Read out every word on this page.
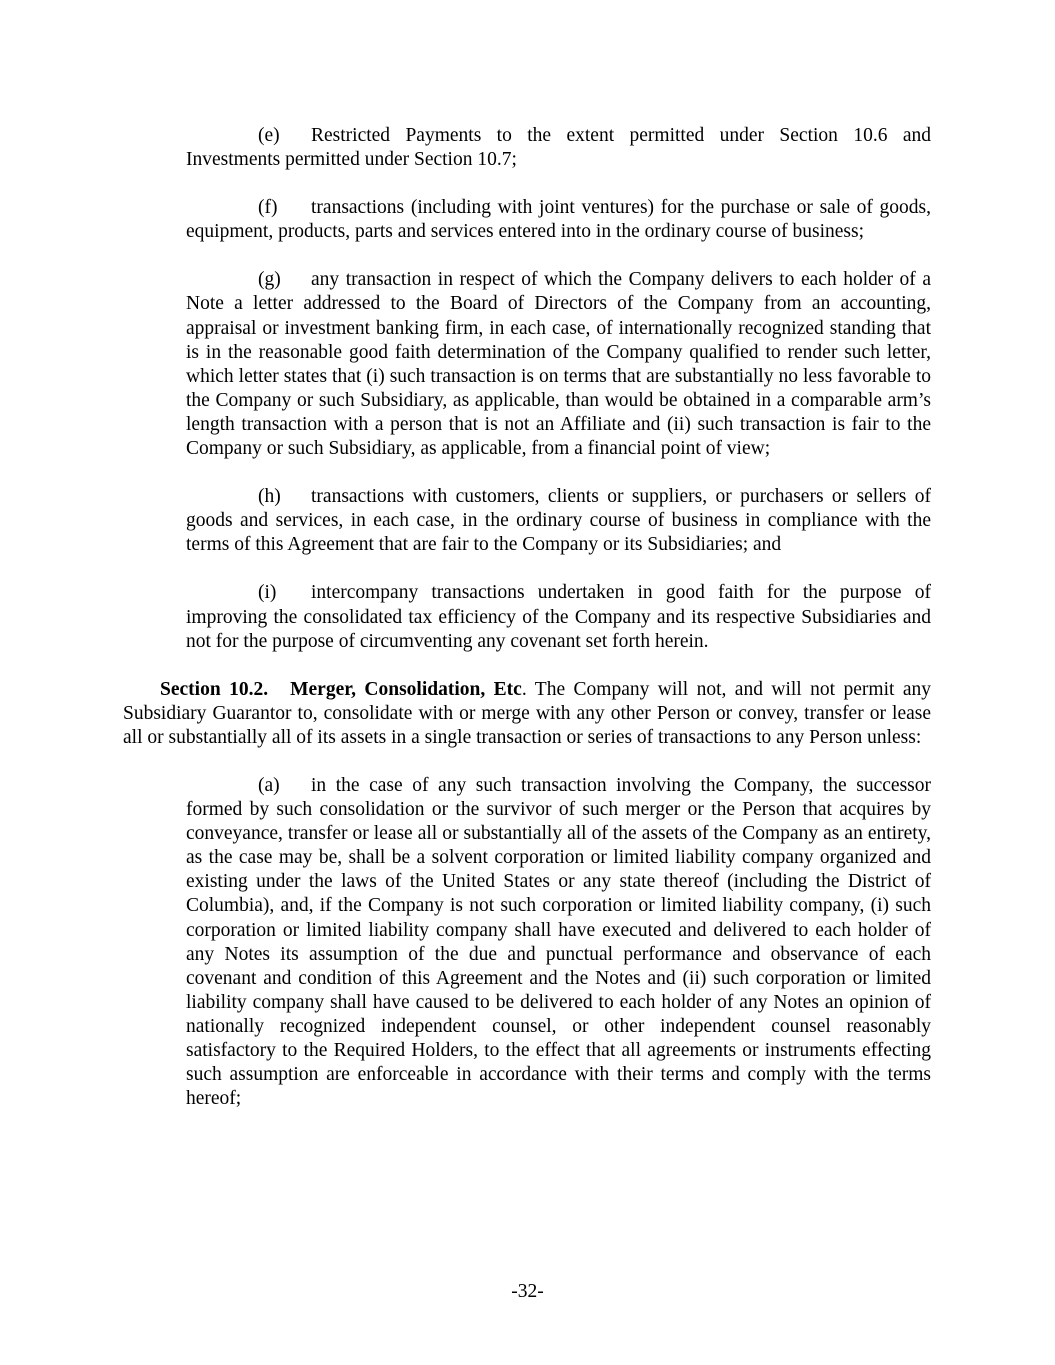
(e) Restricted Payments to the extent permitted under Section 10.6 and Investments permitted under Section 10.7;
(f) transactions (including with joint ventures) for the purchase or sale of goods, equipment, products, parts and services entered into in the ordinary course of business;
(g) any transaction in respect of which the Company delivers to each holder of a Note a letter addressed to the Board of Directors of the Company from an accounting, appraisal or investment banking firm, in each case, of internationally recognized standing that is in the reasonable good faith determination of the Company qualified to render such letter, which letter states that (i) such transaction is on terms that are substantially no less favorable to the Company or such Subsidiary, as applicable, than would be obtained in a comparable arm’s length transaction with a person that is not an Affiliate and (ii) such transaction is fair to the Company or such Subsidiary, as applicable, from a financial point of view;
(h) transactions with customers, clients or suppliers, or purchasers or sellers of goods and services, in each case, in the ordinary course of business in compliance with the terms of this Agreement that are fair to the Company or its Subsidiaries; and
(i) intercompany transactions undertaken in good faith for the purpose of improving the consolidated tax efficiency of the Company and its respective Subsidiaries and not for the purpose of circumventing any covenant set forth herein.
Section 10.2. Merger, Consolidation, Etc. The Company will not, and will not permit any Subsidiary Guarantor to, consolidate with or merge with any other Person or convey, transfer or lease all or substantially all of its assets in a single transaction or series of transactions to any Person unless:
(a) in the case of any such transaction involving the Company, the successor formed by such consolidation or the survivor of such merger or the Person that acquires by conveyance, transfer or lease all or substantially all of the assets of the Company as an entirety, as the case may be, shall be a solvent corporation or limited liability company organized and existing under the laws of the United States or any state thereof (including the District of Columbia), and, if the Company is not such corporation or limited liability company, (i) such corporation or limited liability company shall have executed and delivered to each holder of any Notes its assumption of the due and punctual performance and observance of each covenant and condition of this Agreement and the Notes and (ii) such corporation or limited liability company shall have caused to be delivered to each holder of any Notes an opinion of nationally recognized independent counsel, or other independent counsel reasonably satisfactory to the Required Holders, to the effect that all agreements or instruments effecting such assumption are enforceable in accordance with their terms and comply with the terms hereof;
-32-
